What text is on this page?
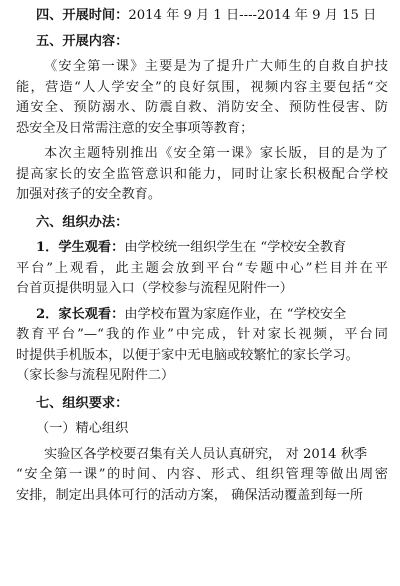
四、开展时间：2014 年 9 月 1 日----2014 年 9 月 15 日
五、开展内容：
《安全第一课》主要是为了提升广大师生的自救自护技
能，营造“人人学安全”的良好氛围，视频内容主要包括“交
通安全、预防溺水、防震自救、消防安全、预防性侵害、防
恐安全及日常需注意的安全事项等教育；
本次主题特别推出《安全第一课》家长版，目的是为了
提高家长的安全监管意识和能力，同时让家长积极配合学校
加强对孩子的安全教育。
六、组织办法：
1．学生观看：由学校统一组织学生在 “学校安全教育
平台”上观看，此主题会放到平台“专题中心”栏目并在平
台首页提供明显入口（学校参与流程见附件一）
2．家长观看：由学校布置为家庭作业，在 “学校安全
教育平台”—“我的作业”中完成，针对家长视频，平台同
时提供手机版本，以便于家中无电脑或较繁忙的家长学习。
（家长参与流程见附件二）
七、组织要求：
（一）精心组织
实验区各学校要召集有关人员认真研究， 对 2014 秋季
“安全第一课”的时间、内容、形式、组织管理等做出周密
安排，制定出具体可行的活动方案， 确保活动覆盖到每一所
